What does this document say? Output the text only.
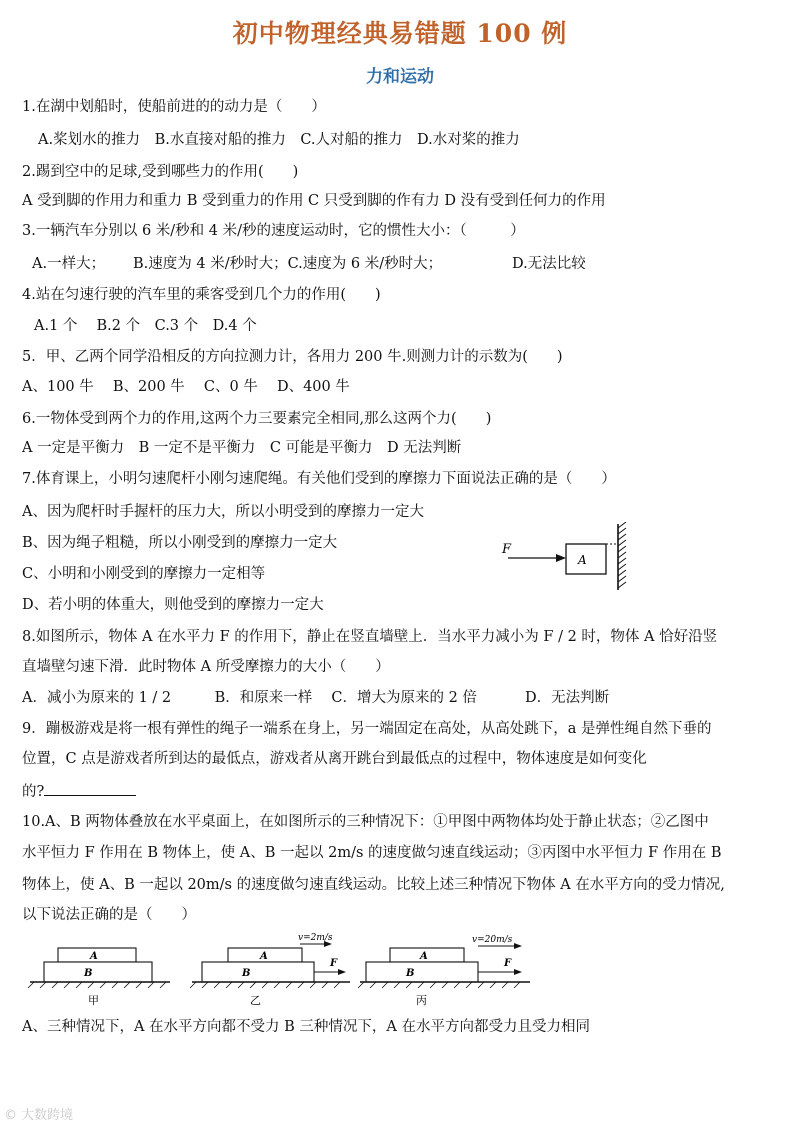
初中物理经典易错题 100 例
力和运动
1.在湖中划船时，使船前进的的动力是（　　）
A.桨划水的推力　B.水直接对船的推力　C.人对船的推力　D.水对桨的推力
2.踢到空中的足球,受到哪些力的作用(　　)
A 受到脚的作用力和重力 B 受到重力的作用 C 只受到脚的作有力 D 没有受到任何力的作用
3.一辆汽车分别以 6 米/秒和 4 米/秒的速度运动时，它的惯性大小：（　　　）
A.一样大； B.速度为 4 米/秒时大；C.速度为 6 米/秒时大；	D.无法比较
4.站在匀速行驶的汽车里的乘客受到几个力的作用(　　)
A.1 个　 B.2 个　C.3 个　D.4 个
5．甲、乙两个同学沿相反的方向拉测力计，各用力 200 牛.则测力计的示数为(　　)
A、100 牛　 B、200 牛　 C、0 牛　 D、400 牛
6.一物体受到两个力的作用,这两个力三要素完全相同,那么这两个力(　　)
A 一定是平衡力　B 一定不是平衡力　C 可能是平衡力　D 无法判断
7.体育课上，小明匀速爬杆小刚匀速爬绳。有关他们受到的摩擦力下面说法正确的是（　　）
A、因为爬杆时手握杆的压力大，所以小明受到的摩擦力一定大
B、因为绳子粗糙，所以小刚受到的摩擦力一定大
C、小明和小刚受到的摩擦力一定相等
D、若小明的体重大，则他受到的摩擦力一定大
F
A
8.如图所示，物体 A 在水平力 F 的作用下，静止在竖直墙壁上．当水平力减小为 F / 2 时，物体 A 恰好沿竖
直墙壁匀速下滑．此时物体 A 所受摩擦力的大小（　　）
A．减小为原来的 1 / 2　　　B．和原来一样　 C．增大为原来的 2 倍　　　 D．无法判断
9．蹦极游戏是将一根有弹性的绳子一端系在身上，另一端固定在高处，从高处跳下，a 是弹性绳自然下垂的
位置，C 点是游戏者所到达的最低点，游戏者从离开跳台到最低点的过程中，物体速度是如何变化
的?
10.A、B 两物体叠放在水平桌面上，在如图所示的三种情况下：①甲图中两物体均处于静止状态；②乙图中
水平恒力 F 作用在 B 物体上，使 A、B 一起以 2m/s 的速度做匀速直线运动；③丙图中水平恒力 F 作用在 B
物体上，使 A、B 一起以 20m/s 的速度做匀速直线运动。比较上述三种情况下物体 A 在水平方向的受力情况,
以下说法正确的是（　　）
A
B
甲
A
B
v=2m/s
F
乙
A
B
v=20m/s
F
丙
A、三种情况下，A 在水平方向都不受力 B 三种情况下，A 在水平方向都受力且受力相同
© 大数跨境
